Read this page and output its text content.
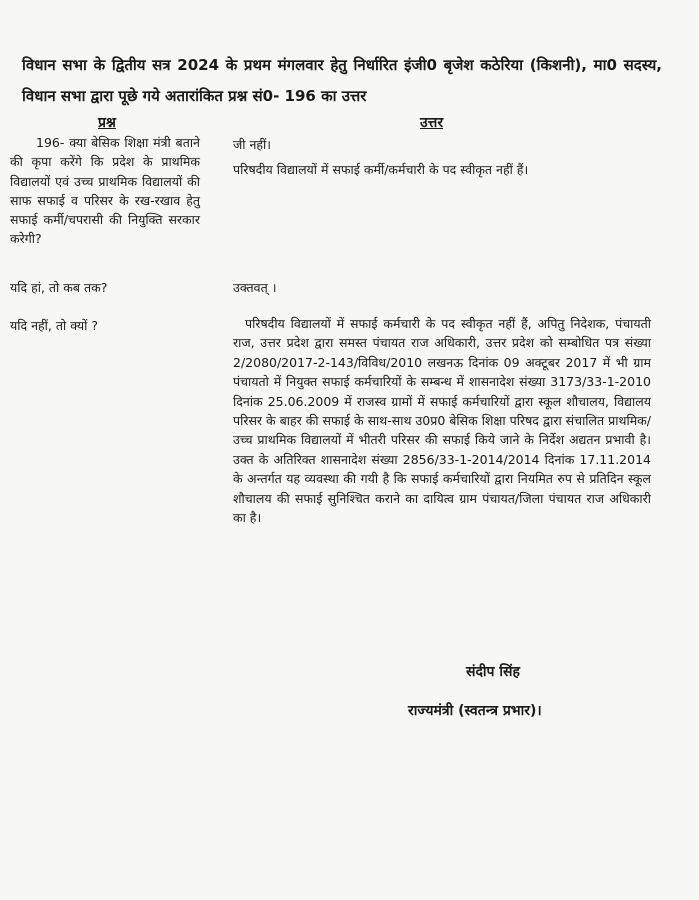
विधान सभा के द्वितीय सत्र 2024 के प्रथम मंगलवार हेतु निर्धारित इंजी0 बृजेश कठेरिया (किशनी), मा0 सदस्य, विधान सभा द्वारा पूछे गये अतारांकित प्रश्न सं0- 196 का उत्तर
प्रश्न	उत्तर
196- क्या बेसिक शिक्षा मंत्री बताने की कृपा करेंगे कि प्रदेश के प्राथमिक विद्यालयों एवं उच्च प्राथमिक विद्यालयों की साफ सफाई व परिसर के रख-रखाव हेतु सफाई कर्मी/चपरासी की नियुक्ति सरकार करेगी?
जी नहीं।
परिषदीय विद्यालयों में सफाई कर्मी/कर्मचारी के पद स्वीकृत नहीं हैं।
यदि हां, तो कब तक?	उक्तवत् ।
यदि नहीं, तो क्यों ?	परिषदीय विद्यालयों में सफाई कर्मचारी के पद स्वीकृत नहीं हैं, अपितु निदेशक, पंचायती राज, उत्तर प्रदेश द्वारा समस्त पंचायत राज अधिकारी, उत्तर प्रदेश को सम्बोधित पत्र संख्या 2/2080/2017-2-143/विविध/2010 लखनऊ दिनांक 09 अक्टूबर 2017 में भी ग्राम पंचायतो में नियुक्त सफाई कर्मचारियों के सम्बन्ध में शासनादेश संख्या 3173/33-1-2010 दिनांक 25.06.2009 में राजस्व ग्रामों में सफाई कर्मचारियों द्वारा स्कूल शौचालय, विद्यालय परिसर के बाहर की सफाई के साथ-साथ उ0प्र0 बेसिक शिक्षा परिषद द्वारा संचालित प्राथमिक/उच्च प्राथमिक विद्यालयों में भीतरी परिसर की सफाई किये जाने के निर्देश अद्यतन प्रभावी है। उक्त के अतिरिक्त शासनादेश संख्या 2856/33-1-2014/2014 दिनांक 17.11.2014 के अन्तर्गत यह व्यवस्था की गयी है कि सफाई कर्मचारियों द्वारा नियमित रुप से प्रतिदिन स्कूल शौचालय की सफाई सुनिश्चित कराने का दायित्व ग्राम पंचायत/जिला पंचायत राज अधिकारी का है।
संदीप सिंह
राज्यमंत्री (स्वतन्त्र प्रभार)।
